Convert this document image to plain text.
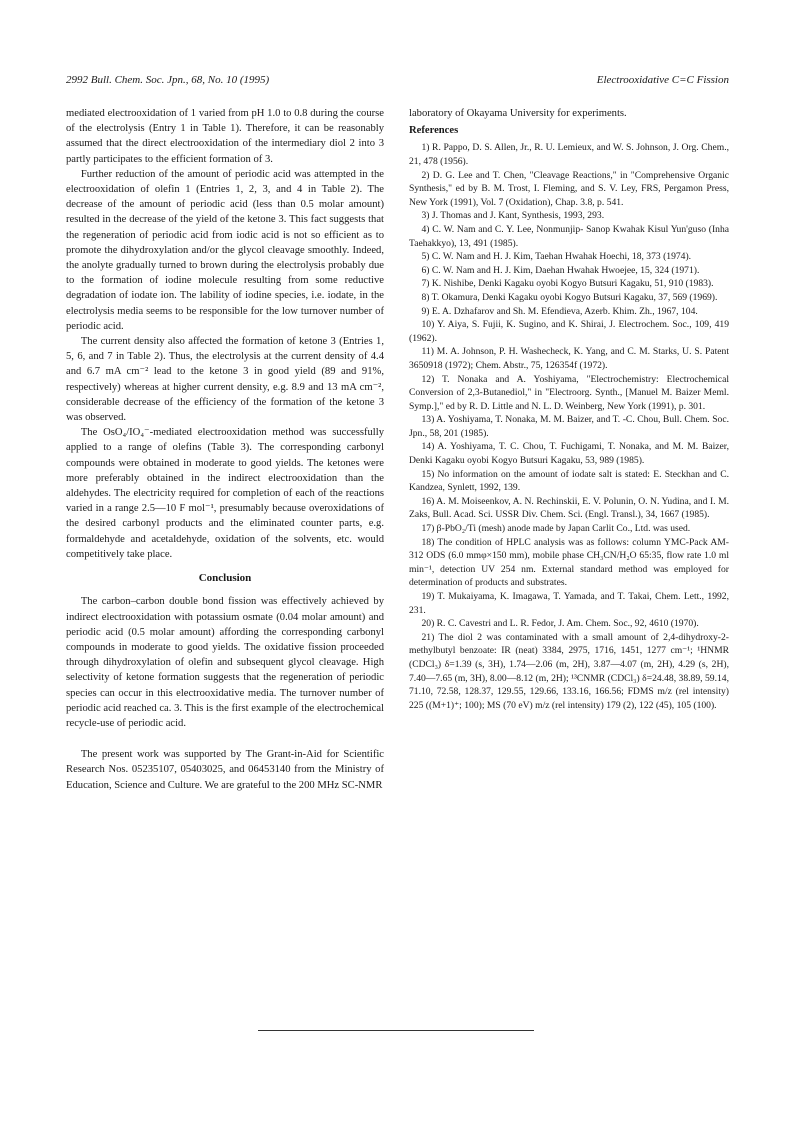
2992 Bull. Chem. Soc. Jpn., 68, No. 10 (1995)	Electrooxidative C=C Fission

mediated electrooxidation of 1 varied from pH 1.0 to 0.8 during the course of the electrolysis (Entry 1 in Table 1). Therefore, it can be reasonably assumed that the direct electrooxidation of the intermediary diol 2 into 3 partly participates to the efficient formation of 3.

Further reduction of the amount of periodic acid was attempted in the electrooxidation of olefin 1 (Entries 1, 2, 3, and 4 in Table 2). The decrease of the amount of periodic acid (less than 0.5 molar amount) resulted in the decrease of the yield of the ketone 3. This fact suggests that the regeneration of periodic acid from iodic acid is not so efficient as to promote the dihydroxylation and/or the glycol cleavage smoothly. Indeed, the anolyte gradually turned to brown during the electrolysis probably due to the formation of iodine molecule resulting from some reductive degradation of iodate ion. The lability of iodine species, i.e. iodate, in the electrolysis media seems to be responsible for the low turnover number of periodic acid.

The current density also affected the formation of ketone 3 (Entries 1, 5, 6, and 7 in Table 2). Thus, the electrolysis at the current density of 4.4 and 6.7 mA cm⁻² lead to the ketone 3 in good yield (89 and 91%, respectively) whereas at higher current density, e.g. 8.9 and 13 mA cm⁻², considerable decrease of the efficiency of the formation of the ketone 3 was observed.

The OsO₄/IO₄⁻-mediated electrooxidation method was successfully applied to a range of olefins (Table 3). The corresponding carbonyl compounds were obtained in moderate to good yields. The ketones were more preferably obtained in the indirect electrooxidation than the aldehydes. The electricity required for completion of each of the reactions varied in a range 2.5—10 F mol⁻¹, presumably because overoxidations of the desired carbonyl products and the eliminated counter parts, e.g. formaldehyde and acetaldehyde, oxidation of the solvents, etc. would competitively take place.

Conclusion

The carbon–carbon double bond fission was effectively achieved by indirect electrooxidation with potassium osmate (0.04 molar amount) and periodic acid (0.5 molar amount) affording the corresponding carbonyl compounds in moderate to good yields. The oxidative fission proceeded through dihydroxylation of olefin and subsequent glycol cleavage. High selectivity of ketone formation suggests that the regeneration of periodic species can occur in this electrooxidative media. The turnover number of periodic acid reached ca. 3. This is the first example of the electrochemical recycle-use of periodic acid.

The present work was supported by The Grant-in-Aid for Scientific Research Nos. 05235107, 05403025, and 06453140 from the Ministry of Education, Science and Culture. We are grateful to the 200 MHz SC-NMR

laboratory of Okayama University for experiments.

References
1) R. Pappo, D. S. Allen, Jr., R. U. Lemieux, and W. S. Johnson, J. Org. Chem., 21, 478 (1956).
2) D. G. Lee and T. Chen, "Cleavage Reactions," in "Comprehensive Organic Synthesis," ed by B. M. Trost, I. Fleming, and S. V. Ley, FRS, Pergamon Press, New York (1991), Vol. 7 (Oxidation), Chap. 3.8, p. 541.
3) J. Thomas and J. Kant, Synthesis, 1993, 293.
4) C. W. Nam and C. Y. Lee, Nonmunjip- Sanop Kwahak Kisul Yun'guso (Inha Taehakkyo), 13, 491 (1985).
5) C. W. Nam and H. J. Kim, Taehan Hwahak Hoechi, 18, 373 (1974).
6) C. W. Nam and H. J. Kim, Daehan Hwahak Hwoejee, 15, 324 (1971).
7) K. Nishibe, Denki Kagaku oyobi Kogyo Butsuri Kagaku, 51, 910 (1983).
8) T. Okamura, Denki Kagaku oyobi Kogyo Butsuri Kagaku, 37, 569 (1969).
9) E. A. Dzhafarov and Sh. M. Efendieva, Azerb. Khim. Zh., 1967, 104.
10) Y. Aiya, S. Fujii, K. Sugino, and K. Shirai, J. Electrochem. Soc., 109, 419 (1962).
11) M. A. Johnson, P. H. Washecheck, K. Yang, and C. M. Starks, U. S. Patent 3650918 (1972); Chem. Abstr., 75, 126354f (1972).
12) T. Nonaka and A. Yoshiyama, "Electrochemistry: Electrochemical Conversion of 2,3-Butanediol," in "Electroorg. Synth., [Manuel M. Baizer Meml. Symp.]," ed by R. D. Little and N. L. D. Weinberg, New York (1991), p. 301.
13) A. Yoshiyama, T. Nonaka, M. M. Baizer, and T. -C. Chou, Bull. Chem. Soc. Jpn., 58, 201 (1985).
14) A. Yoshiyama, T. C. Chou, T. Fuchigami, T. Nonaka, and M. M. Baizer, Denki Kagaku oyobi Kogyo Butsuri Kagaku, 53, 989 (1985).
15) No information on the amount of iodate salt is stated: E. Steckhan and C. Kandzea, Synlett, 1992, 139.
16) A. M. Moiseenkov, A. N. Rechinskii, E. V. Polunin, O. N. Yudina, and I. M. Zaks, Bull. Acad. Sci. USSR Div. Chem. Sci. (Engl. Transl.), 34, 1667 (1985).
17) β-PbO₂/Ti (mesh) anode made by Japan Carlit Co., Ltd. was used.
18) The condition of HPLC analysis was as follows: column YMC-Pack AM-312 ODS (6.0 mmφ×150 mm), mobile phase CH₃CN/H₂O 65:35, flow rate 1.0 ml min⁻¹, detection UV 254 nm. External standard method was employed for determination of products and substrates.
19) T. Mukaiyama, K. Imagawa, T. Yamada, and T. Takai, Chem. Lett., 1992, 231.
20) R. C. Cavestri and L. R. Fedor, J. Am. Chem. Soc., 92, 4610 (1970).
21) The diol 2 was contaminated with a small amount of 2,4-dihydroxy-2-methylbutyl benzoate: IR (neat) 3384, 2975, 1716, 1451, 1277 cm⁻¹; ¹HNMR (CDCl₃) δ=1.39 (s, 3H), 1.74—2.06 (m, 2H), 3.87—4.07 (m, 2H), 4.29 (s, 2H), 7.40—7.65 (m, 3H), 8.00—8.12 (m, 2H); ¹³CNMR (CDCl₃) δ=24.48, 38.89, 59.14, 71.10, 72.58, 128.37, 129.55, 129.66, 133.16, 166.56; FDMS m/z (rel intensity) 225 ((M+1)⁺; 100); MS (70 eV) m/z (rel intensity) 179 (2), 122 (45), 105 (100).
